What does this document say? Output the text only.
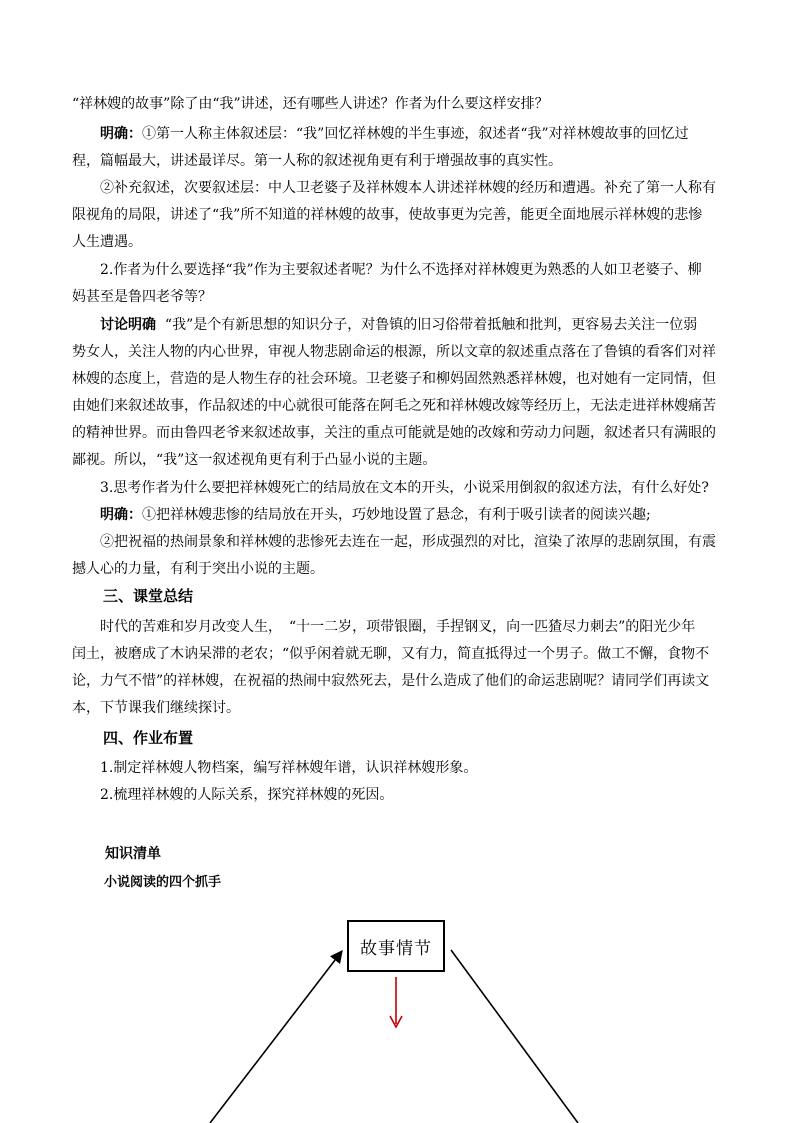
“祥林嫂的故事”除了由“我”讲述，还有哪些人讲述？作者为什么要这样安排？
明确：①第一人称主体叙述层：“我”回忆祥林嫂的半生事迹，叙述者“我”对祥林嫂故事的回忆过
程，篇幅最大，讲述最详尽。第一人称的叙述视角更有利于增强故事的真实性。
②补充叙述，次要叙述层：中人卫老婆子及祥林嫂本人讲述祥林嫂的经历和遭遇。补充了第一人称有
限视角的局限，讲述了“我”所不知道的祥林嫂的故事，使故事更为完善，能更全面地展示祥林嫂的悲惨
人生遭遇。
2.作者为什么要选择“我”作为主要叙述者呢？为什么不选择对祥林嫂更为熟悉的人如卫老婆子、柳
妈甚至是鲁四老爷等？
讨论明确 “我”是个有新思想的知识分子，对鲁镇的旧习俗带着抵触和批判，更容易去关注一位弱
势女人，关注人物的内心世界，审视人物悲剧命运的根源，所以文章的叙述重点落在了鲁镇的看客们对祥
林嫂的态度上，营造的是人物生存的社会环境。卫老婆子和柳妈固然熟悉祥林嫂，也对她有一定同情，但
由她们来叙述故事，作品叙述的中心就很可能落在阿毛之死和祥林嫂改嫁等经历上，无法走进祥林嫂痛苦
的精神世界。而由鲁四老爷来叙述故事，关注的重点可能就是她的改嫁和劳动力问题，叙述者只有满眼的
鄙视。所以，“我”这一叙述视角更有利于凸显小说的主题。
3.思考作者为什么要把祥林嫂死亡的结局放在文本的开头，小说采用倒叙的叙述方法，有什么好处?
明确：①把祥林嫂悲惨的结局放在开头，巧妙地设置了悬念，有利于吸引读者的阅读兴趣;
②把祝福的热闹景象和祥林嫂的悲惨死去连在一起，形成强烈的对比，渲染了浓厚的悲剧氛围，有震
撼人心的力量，有利于突出小说的主题。
三、课堂总结
时代的苦难和岁月改变人生，　“十一二岁，项带银圈，手捏钢叉，向一匹猹尽力刺去”的阳光少年
闰土，被磨成了木讷呆滞的老农；“似乎闲着就无聊，又有力，简直抵得过一个男子。做工不懈，食物不
论，力气不惜”的祥林嫂，在祝福的热闹中寂然死去，是什么造成了他们的命运悲剧呢？请同学们再读文
本，下节课我们继续探讨。
四、作业布置
1.制定祥林嫂人物档案，编写祥林嫂年谱，认识祥林嫂形象。
2.梳理祥林嫂的人际关系，探究祥林嫂的死因。
知识清单
小说阅读的四个抓手
故事情节
